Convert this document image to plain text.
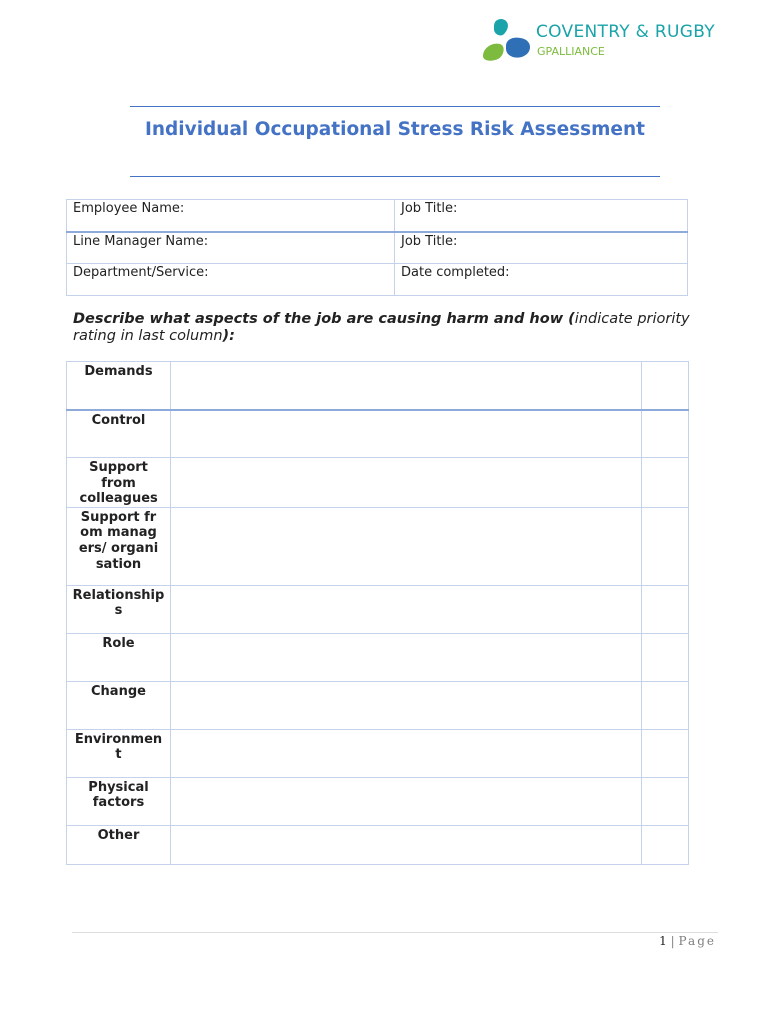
COVENTRY & RUGBY
GPALLIANCE
Individual Occupational Stress Risk Assessment
Employee Name:	Job Title:
Line Manager Name:	Job Title:
Department/Service:	Date completed:
Describe what aspects of the job are causing harm and how (indicate priority rating in last column):
Demands		
Control		

Support from colleagues		

Support from managers/ organisation		

Relationships		

Role		
Change		

Environment		

Physical factors		

Other		
1 | Page
